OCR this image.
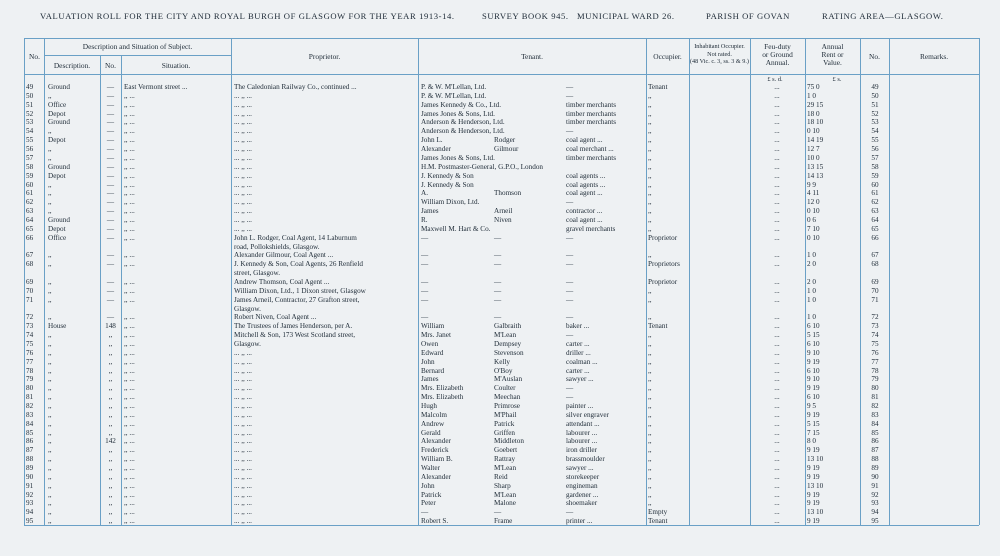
VALUATION ROLL FOR THE CITY AND ROYAL BURGH OF GLASGOW FOR THE YEAR 1913-14.	SURVEY BOOK 945. MUNICIPAL WARD 26.	PARISH OF GOVAN	RATING AREA—GLASGOW.
No.
Description and Situation of Subject.
Description.	No.	Situation.
Proprietor.	Tenant.	Occupier.
Inhabitant Occupier.
Not rated.
(48 Vic. c. 3, ss. 3 & 9.)
Feu-duty
or Ground
Annual.
Annual
Rent or
Value.
No.	Remarks.
£ s. d.	£ s.
49	Ground	—	East Vermont street ...	The Caledonian Railway Co., continued ...	P. & W. M'Lellan, Ltd.	—	Tenant	...	75 0	49
50	,,	—	,, ...	... ,, ...	P. & W. M'Lellan, Ltd.	—	,,	...	1 0	50
51	Office	—	,, ...	... ,, ...	James Kennedy & Co., Ltd.	timber merchants	,,	...	29 15	51
52	Depot	—	,, ...	... ,, ...	James Jones & Sons, Ltd.	timber merchants	,,	...	18 0	52
53	Ground	—	,, ...	... ,, ...	Anderson & Henderson, Ltd.	timber merchants	,,	...	18 10	53
54	,,	—	,, ...	... ,, ...	Anderson & Henderson, Ltd.	—	,,	...	0 10	54
55	Depot	—	,, ...	... ,, ...	John L.	Rodger	coal agent ...	,,	...	14 19	55
56	,,	—	,, ...	... ,, ...	Alexander	Gilmour	coal merchant ...	,,	...	12 7	56
57	,,	—	,, ...	... ,, ...	James Jones & Sons, Ltd.	timber merchants	,,	...	10 0	57
58	Ground	—	,, ...	... ,, ...	H.M. Postmaster-General, G.P.O., London	,,	...	13 15	58
59	Depot	—	,, ...	... ,, ...	J. Kennedy & Son	coal agents ...	,,	...	14 13	59
60	,,	—	,, ...	... ,, ...	J. Kennedy & Son	coal agents ...	,,	...	9 9	60
61	,,	—	,, ...	... ,, ...	A.	Thomson	coal agent ...	,,	...	4 11	61
62	,,	—	,, ...	... ,, ...	William Dixon, Ltd.	—	,,	...	12 0	62
63	,,	—	,, ...	... ,, ...	James	Arneil	contractor ...	,,	...	0 10	63
64	Ground	—	,, ...	... ,, ...	R.	Niven	coal agent ...	,,	...	0 6	64
65	Depot	—	,, ...	... ,, ...	Maxwell M. Hart & Co.	gravel merchants	,,	...	7 10	65
66	Office	—	,, ...	John L. Rodger, Coal Agent, 14 Laburnum	—	—	—	Proprietor	...	0 10	66
road, Pollokshields, Glasgow.
67	,,	—	,, ...	Alexander Gilmour, Coal Agent ...	—	—	—	,,	...	1 0	67
68	,,	—	,, ...	J. Kennedy & Son, Coal Agents, 26 Renfield	—	—	—	Proprietors	...	2 0	68
street, Glasgow.
69	,,	—	,, ...	Andrew Thomson, Coal Agent ...	—	—	—	Proprietor	...	2 0	69
70	,,	—	,, ...	William Dixon, Ltd., 1 Dixon street, Glasgow	—	—	—	,,	...	1 0	70
71	,,	—	,, ...	James Arneil, Contractor, 27 Grafton street,	—	—	—	,,	...	1 0	71
Glasgow.
72	,,	—	,, ...	Robert Niven, Coal Agent ...	—	—	—	,,	...	1 0	72
73	House	148	,, ...	The Trustees of James Henderson, per A.	William	Galbraith	baker ...	Tenant	...	6 10	73
74	,,	,,	,, ...	Mitchell & Son, 173 West Scotland street,	Mrs. Janet	M'Lean	—	,,	...	5 15	74
75	,,	,,	,, ...	Glasgow.	Owen	Dempsey	carter ...	,,	...	6 10	75
76	,,	,,	,, ...	... ,, ...	Edward	Stevenson	driller ...	,,	...	9 10	76
77	,,	,,	,, ...	... ,, ...	John	Kelly	coalman ...	,,	...	9 19	77
78	,,	,,	,, ...	... ,, ...	Bernard	O'Boy	carter ...	,,	...	6 10	78
79	,,	,,	,, ...	... ,, ...	James	M'Auslan	sawyer ...	,,	...	9 10	79
80	,,	,,	,, ...	... ,, ...	Mrs. Elizabeth	Coulter	—	,,	...	9 19	80
81	,,	,,	,, ...	... ,, ...	Mrs. Elizabeth	Meechan	—	,,	...	6 10	81
82	,,	,,	,, ...	... ,, ...	Hugh	Primrose	painter ...	,,	...	9 5	82
83	,,	,,	,, ...	... ,, ...	Malcolm	M'Phail	silver engraver	,,	...	9 19	83
84	,,	,,	,, ...	... ,, ...	Andrew	Patrick	attendant ...	,,	...	5 15	84
85	,,	,,	,, ...	... ,, ...	Gerald	Griffen	labourer ...	,,	...	7 15	85
86	,,	142	,, ...	... ,, ...	Alexander	Middleton	labourer ...	,,	...	8 0	86
87	,,	,,	,, ...	... ,, ...	Frederick	Goebert	iron driller	,,	...	9 19	87
88	,,	,,	,, ...	... ,, ...	William B.	Rattray	brassmoulder	,,	...	13 10	88
89	,,	,,	,, ...	... ,, ...	Walter	M'Lean	sawyer ...	,,	...	9 19	89
90	,,	,,	,, ...	... ,, ...	Alexander	Reid	storekeeper	,,	...	9 19	90
91	,,	,,	,, ...	... ,, ...	John	Sharp	engineman	,,	...	13 10	91
92	,,	,,	,, ...	... ,, ...	Patrick	M'Lean	gardener ...	,,	...	9 19	92
93	,,	,,	,, ...	... ,, ...	Peter	Malone	shoemaker	,,	...	9 19	93
94	,,	,,	,, ...	... ,, ...	—	—	—	Empty	...	13 10	94
95	,,	,,	,, ...	... ,, ...	Robert S.	Frame	printer ...	Tenant	...	9 19	95
